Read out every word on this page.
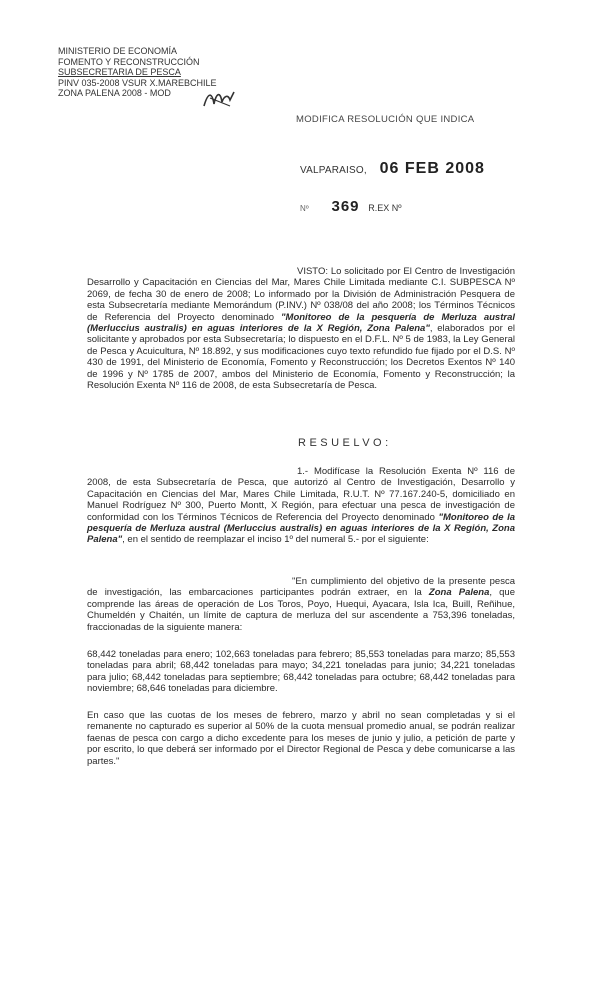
MINISTERIO DE ECONOMÍA
FOMENTO Y RECONSTRUCCIÓN
SUBSECRETARIA DE PESCA
PINV 035-2008 VSUR X.MAREBCHILE
ZONA PALENA 2008 - MOD
MODIFICA RESOLUCIÓN QUE INDICA
VALPARAISO, 06 FEB 2008
Nº 369 R.EX Nº
VISTO: Lo solicitado por El Centro de Investigación Desarrollo y Capacitación en Ciencias del Mar, Mares Chile Limitada mediante C.I. SUBPESCA Nº 2069, de fecha 30 de enero de 2008; Lo informado por la División de Administración Pesquera de esta Subsecretaría mediante Memorándum (P.INV.) Nº 038/08 del año 2008; los Términos Técnicos de Referencia del Proyecto denominado "Monitoreo de la pesquería de Merluza austral (Merluccius australis) en aguas interiores de la X Región, Zona Palena", elaborados por el solicitante y aprobados por esta Subsecretaría; lo dispuesto en el D.F.L. Nº 5 de 1983, la Ley General de Pesca y Acuicultura, Nº 18.892, y sus modificaciones cuyo texto refundido fue fijado por el D.S. Nº 430 de 1991, del Ministerio de Economía, Fomento y Reconstrucción; los Decretos Exentos Nº 140 de 1996 y Nº 1785 de 2007, ambos del Ministerio de Economía, Fomento y Reconstrucción; la Resolución Exenta Nº 116 de 2008, de esta Subsecretaría de Pesca.
RESUELVO:
1.- Modifícase la Resolución Exenta Nº 116 de 2008, de esta Subsecretaría de Pesca, que autorizó al Centro de Investigación, Desarrollo y Capacitación en Ciencias del Mar, Mares Chile Limitada, R.U.T. Nº 77.167.240-5, domiciliado en Manuel Rodríguez Nº 300, Puerto Montt, X Región, para efectuar una pesca de investigación de conformidad con los Términos Técnicos de Referencia del Proyecto denominado "Monitoreo de la pesquería de Merluza austral (Merluccius australis) en aguas interiores de la X Región, Zona Palena", en el sentido de reemplazar el inciso 1º del numeral 5.- por el siguiente:
"En cumplimiento del objetivo de la presente pesca de investigación, las embarcaciones participantes podrán extraer, en la Zona Palena, que comprende las áreas de operación de Los Toros, Poyo, Huequi, Ayacara, Isla Ica, Buill, Reñihue, Chumeldén y Chaitén, un límite de captura de merluza del sur ascendente a 753,396 toneladas, fraccionadas de la siguiente manera:
68,442 toneladas para enero; 102,663 toneladas para febrero; 85,553 toneladas para marzo; 85,553 toneladas para abril; 68,442 toneladas para mayo; 34,221 toneladas para junio; 34,221 toneladas para julio; 68,442 toneladas para septiembre; 68,442 toneladas para octubre; 68,442 toneladas para noviembre; 68,646 toneladas para diciembre.
En caso que las cuotas de los meses de febrero, marzo y abril no sean completadas y si el remanente no capturado es superior al 50% de la cuota mensual promedio anual, se podrán realizar faenas de pesca con cargo a dicho excedente para los meses de junio y julio, a petición de parte y por escrito, lo que deberá ser informado por el Director Regional de Pesca y debe comunicarse a las partes."
